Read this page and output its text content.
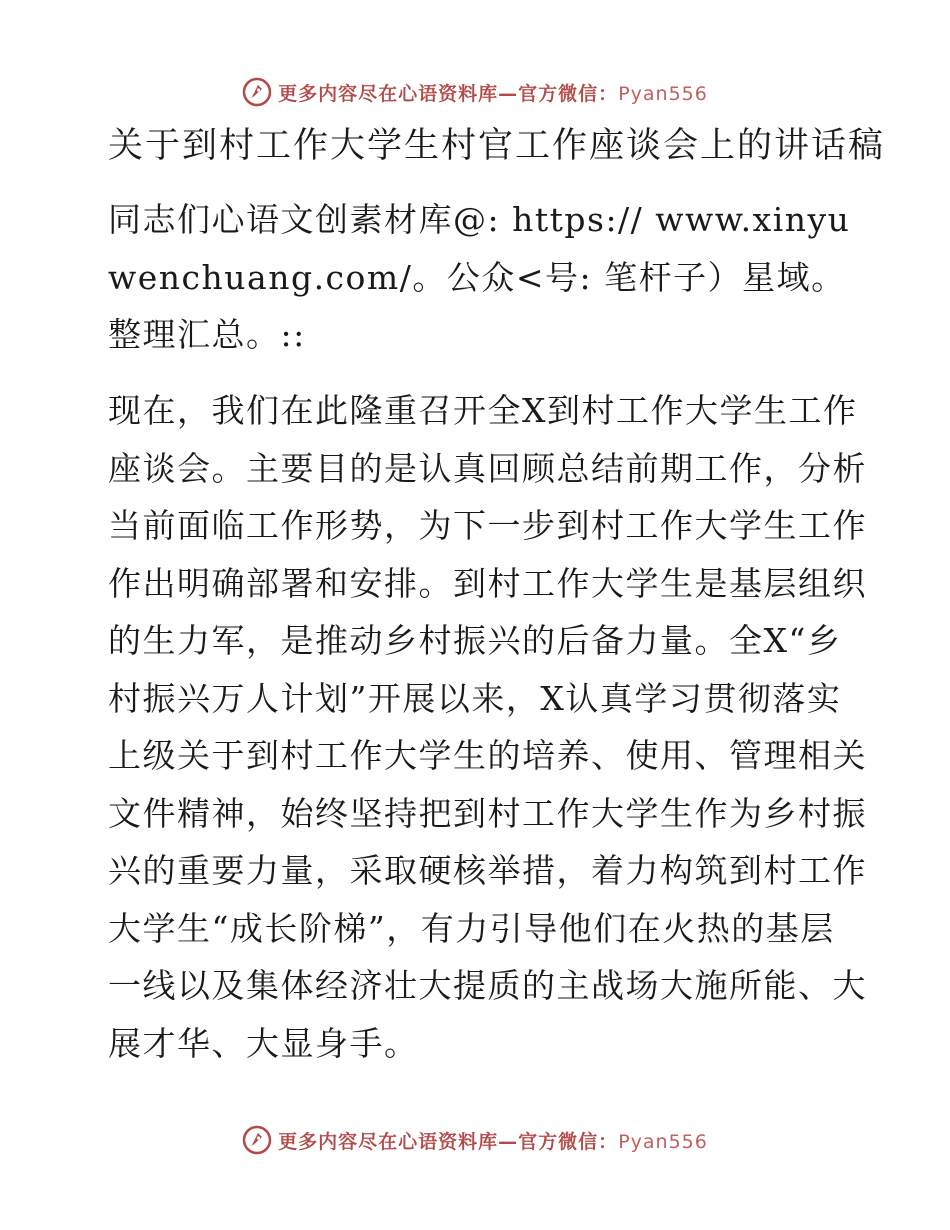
更多内容尽在心语资料库—官方微信：Pyan556
关于到村工作大学生村官工作座谈会上的讲话稿

同志们心语文创素材库@: https:// www.xinyuwenchuang.com/。公众<号: 笔杆子）星域。整理汇总。::

现在，我们在此隆重召开全X到村工作大学生工作座谈会。主要目的是认真回顾总结前期工作，分析当前面临工作形势，为下一步到村工作大学生工作作出明确部署和安排。到村工作大学生是基层组织的生力军，是推动乡村振兴的后备力量。全X“乡村振兴万人计划”开展以来，X认真学习贯彻落实上级关于到村工作大学生的培养、使用、管理相关文件精神，始终坚持把到村工作大学生作为乡村振兴的重要力量，采取硬核举措，着力构筑到村工作大学生“成长阶梯”，有力引导他们在火热的基层一线以及集体经济壮大提质的主战场大施所能、大展才华、大显身手。

更多内容尽在心语资料库—官方微信：Pyan556
